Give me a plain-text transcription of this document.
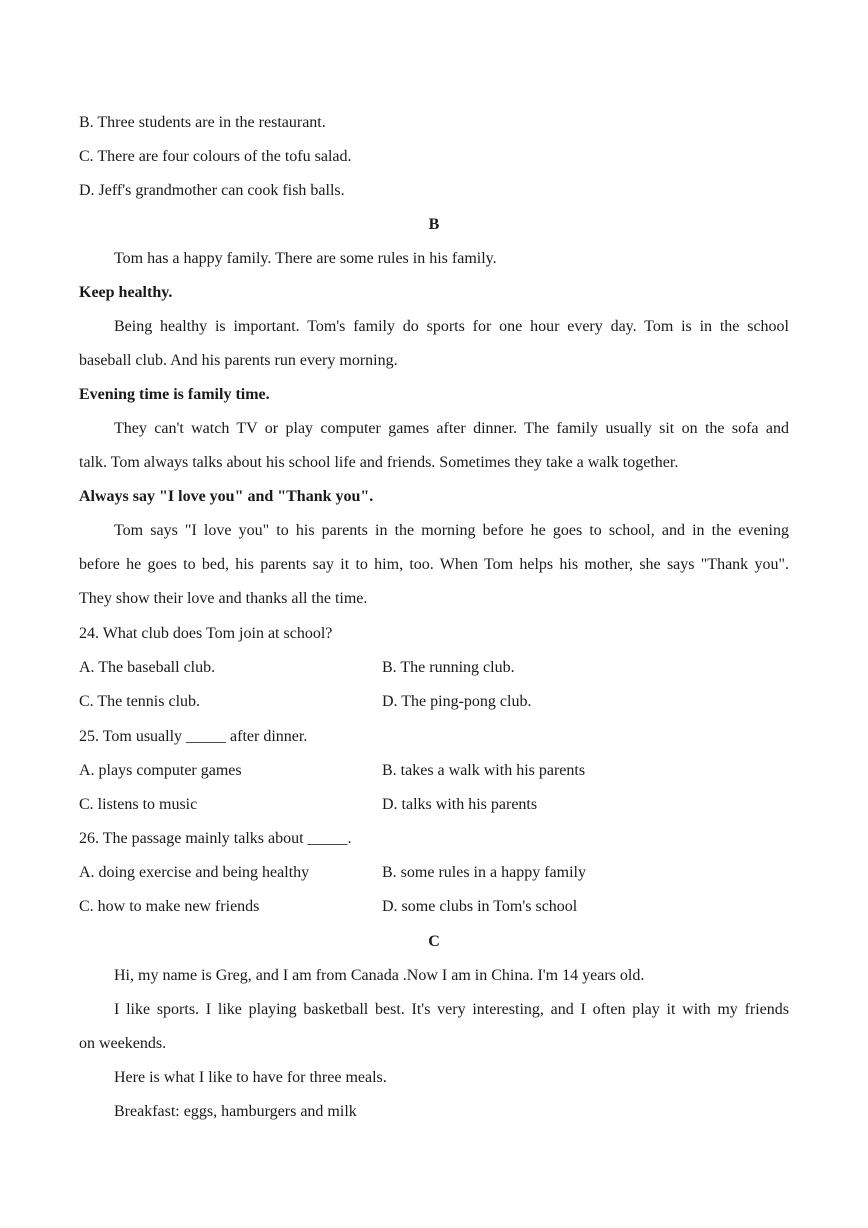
B. Three students are in the restaurant.
C. There are four colours of the tofu salad.
D. Jeff's grandmother can cook fish balls.
B
Tom has a happy family. There are some rules in his family.
Keep healthy.
Being healthy is important. Tom's family do sports for one hour every day. Tom is in the school
baseball club. And his parents run every morning.
Evening time is family time.
They can't watch TV or play computer games after dinner. The family usually sit on the sofa and
talk. Tom always talks about his school life and friends. Sometimes they take a walk together.
Always say "I love you" and "Thank you".
Tom says "I love you" to his parents in the morning before he goes to school, and in the evening
before he goes to bed, his parents say it to him, too. When Tom helps his mother, she says "Thank you".
They show their love and thanks all the time.
24. What club does Tom join at school?
A. The baseball club.	B. The running club.
C. The tennis club.	D. The ping-pong club.
25. Tom usually _____ after dinner.
A. plays computer games	B. takes a walk with his parents
C. listens to music	D. talks with his parents
26. The passage mainly talks about _____.
A. doing exercise and being healthy	B. some rules in a happy family
C. how to make new friends	D. some clubs in Tom's school
C
Hi, my name is Greg, and I am from Canada .Now I am in China. I'm 14 years old.
I like sports. I like playing basketball best. It's very interesting, and I often play it with my friends
on weekends.
Here is what I like to have for three meals.
Breakfast: eggs, hamburgers and milk
